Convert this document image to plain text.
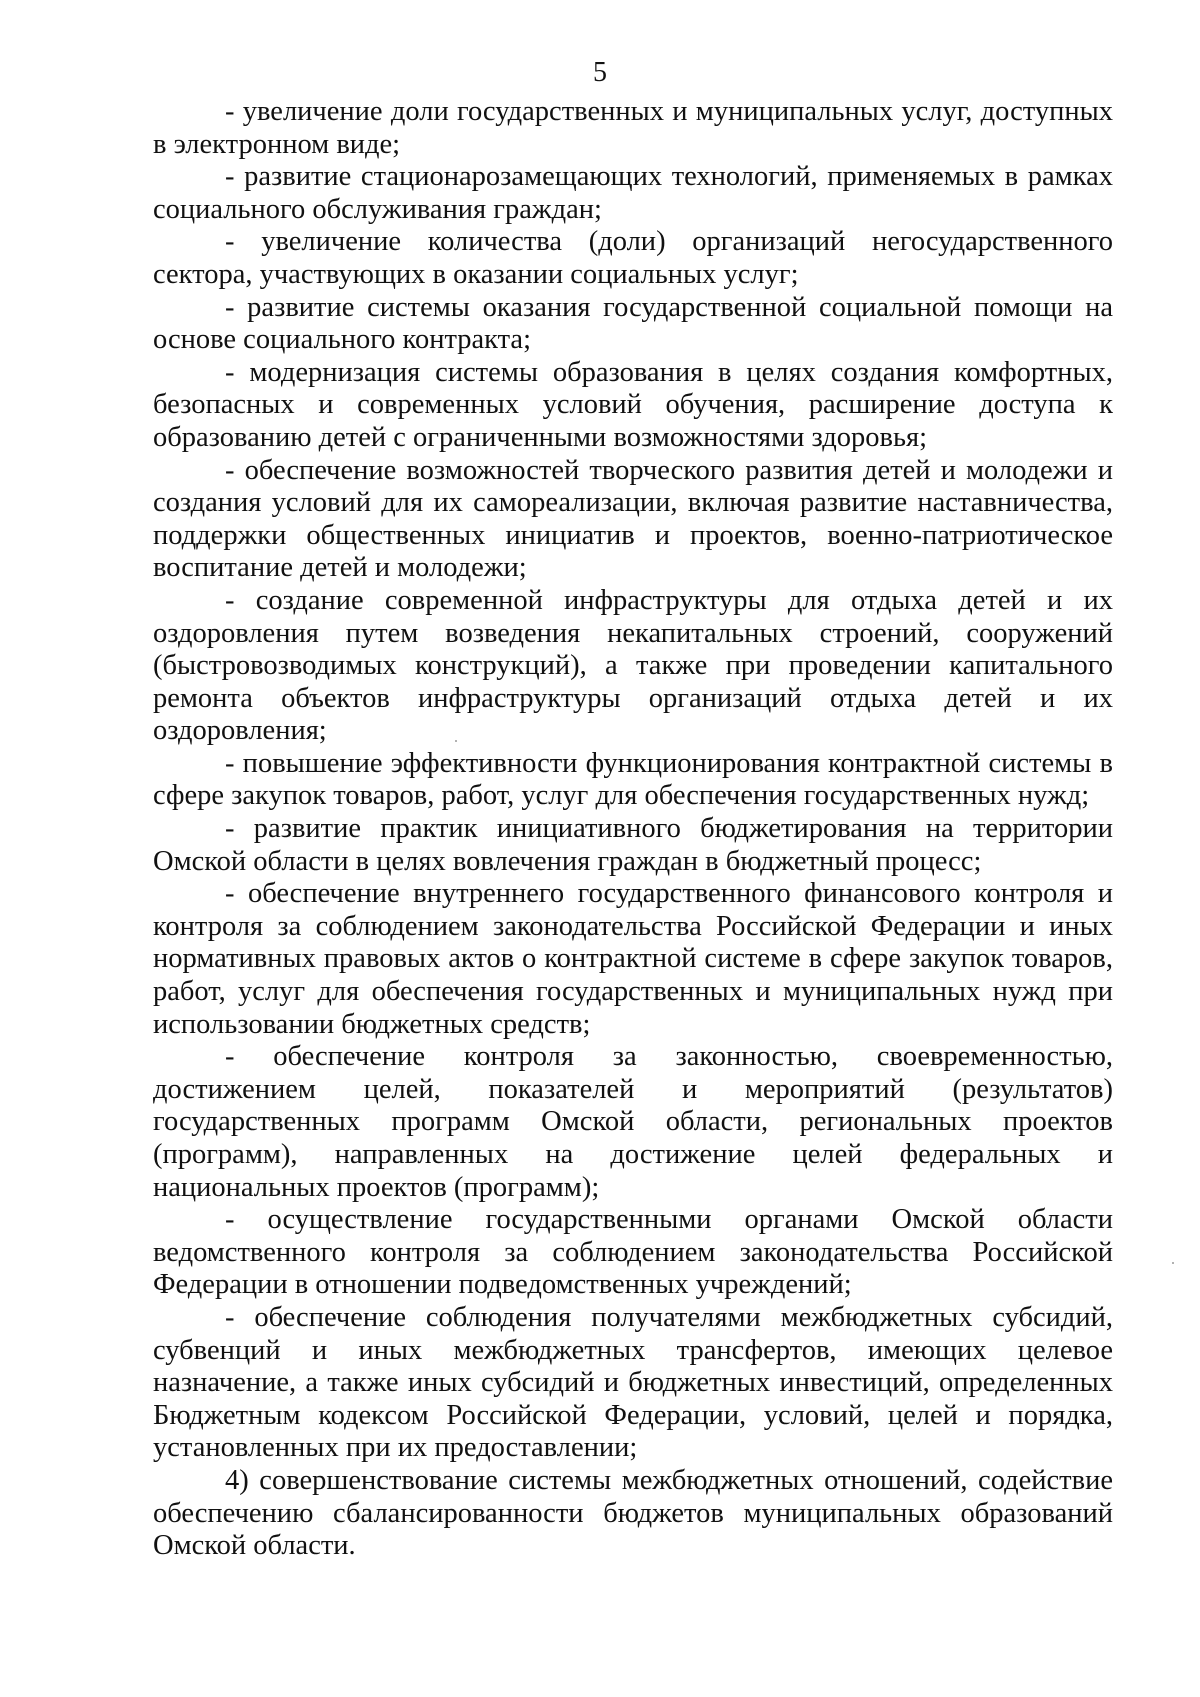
5

- увеличение доли государственных и муниципальных услуг, доступных в электронном виде;

- развитие стационарозамещающих технологий, применяемых в рамках социального обслуживания граждан;

- увеличение количества (доли) организаций негосударственного сектора, участвующих в оказании социальных услуг;

- развитие системы оказания государственной социальной помощи на основе социального контракта;

- модернизация системы образования в целях создания комфортных, безопасных и современных условий обучения, расширение доступа к образованию детей с ограниченными возможностями здоровья;

- обеспечение возможностей творческого развития детей и молодежи и создания условий для их самореализации, включая развитие наставничества, поддержки общественных инициатив и проектов, военно-патриотическое воспитание детей и молодежи;

- создание современной инфраструктуры для отдыха детей и их оздоровления путем возведения некапитальных строений, сооружений (быстровозводимых конструкций), а также при проведении капитального ремонта объектов инфраструктуры организаций отдыха детей и их оздоровления;

- повышение эффективности функционирования контрактной системы в сфере закупок товаров, работ, услуг для обеспечения государственных нужд;

- развитие практик инициативного бюджетирования на территории Омской области в целях вовлечения граждан в бюджетный процесс;

- обеспечение внутреннего государственного финансового контроля и контроля за соблюдением законодательства Российской Федерации и иных нормативных правовых актов о контрактной системе в сфере закупок товаров, работ, услуг для обеспечения государственных и муниципальных нужд при использовании бюджетных средств;

- обеспечение контроля за законностью, своевременностью, достижением целей, показателей и мероприятий (результатов) государственных программ Омской области, региональных проектов (программ), направленных на достижение целей федеральных и национальных проектов (программ);

- осуществление государственными органами Омской области ведомственного контроля за соблюдением законодательства Российской Федерации в отношении подведомственных учреждений;

- обеспечение соблюдения получателями межбюджетных субсидий, субвенций и иных межбюджетных трансфертов, имеющих целевое назначение, а также иных субсидий и бюджетных инвестиций, определенных Бюджетным кодексом Российской Федерации, условий, целей и порядка, установленных при их предоставлении;

4) совершенствование системы межбюджетных отношений, содействие обеспечению сбалансированности бюджетов муниципальных образований Омской области.
